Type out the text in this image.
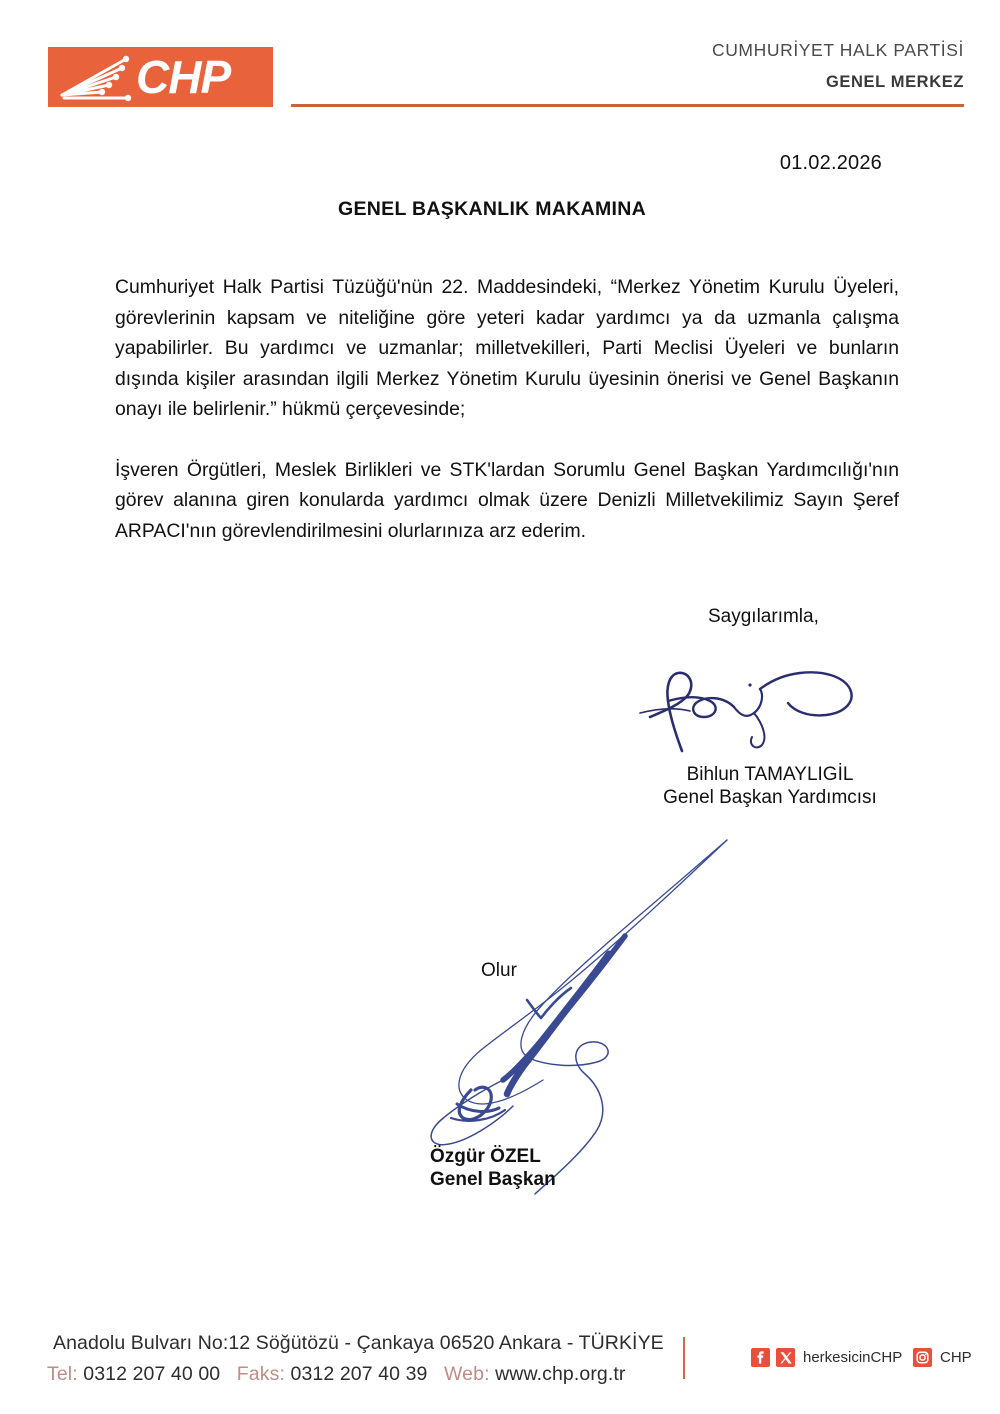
CHP
CUMHURİYET HALK PARTİSİ
GENEL MERKEZ
01.02.2026
GENEL BAŞKANLIK MAKAMINA

Cumhuriyet Halk Partisi Tüzüğü'nün 22. Maddesindeki, “Merkez Yönetim Kurulu Üyeleri, görevlerinin kapsam ve niteliğine göre yeteri kadar yardımcı ya da uzmanla çalışma yapabilirler. Bu yardımcı ve uzmanlar; milletvekilleri, Parti Meclisi Üyeleri ve bunların dışında kişiler arasından ilgili Merkez Yönetim Kurulu üyesinin önerisi ve Genel Başkanın onayı ile belirlenir.” hükmü çerçevesinde;

İşveren Örgütleri, Meslek Birlikleri ve STK'lardan Sorumlu Genel Başkan Yardımcılığı'nın görev alanına giren konularda yardımcı olmak üzere Denizli Milletvekilimiz Sayın Şeref ARPACI'nın görevlendirilmesini olurlarınıza arz ederim.

Saygılarımla,
Bihlun TAMAYLIGİL
Genel Başkan Yardımcısı
Olur
Özgür ÖZEL
Genel Başkan
Anadolu Bulvarı No:12 Söğütözü - Çankaya 06520 Ankara - TÜRKİYE
Tel: 0312 207 40 00 Faks: 0312 207 40 39 Web: www.chp.org.tr
herkesicinCHP	CHP
